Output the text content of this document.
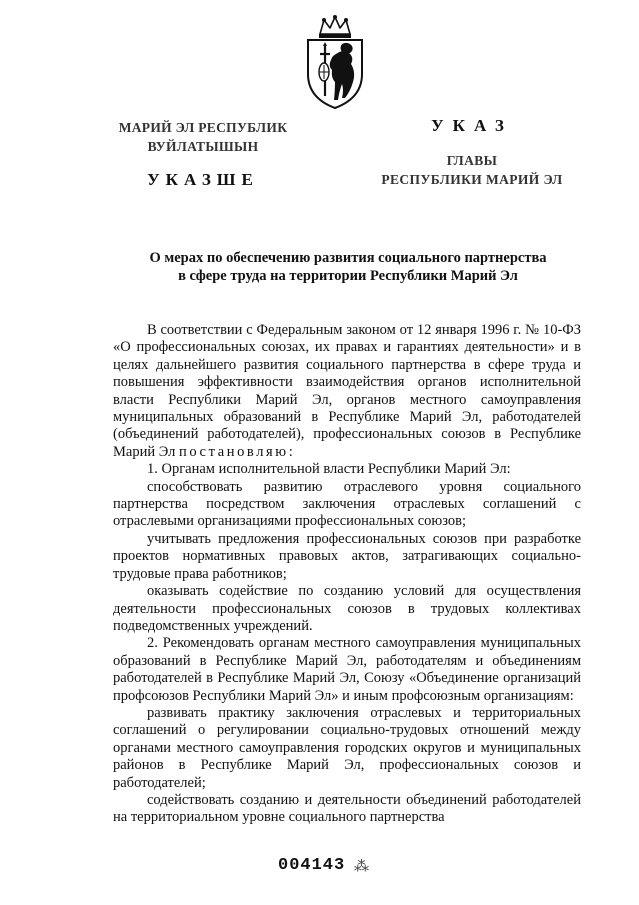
МАРИЙ ЭЛ РЕСПУБЛИК
ВУЙЛАТЫШЫН
УКАЗШЕ
УКАЗ
ГЛАВЫ
РЕСПУБЛИКИ МАРИЙ ЭЛ
О мерах по обеспечению развития социального партнерства
в сфере труда на территории Республики Марий Эл

В соответствии с Федеральным законом от 12 января 1996 г. № 10-ФЗ «О профессиональных союзах, их правах и гарантиях деятельности» и в целях дальнейшего развития социального партнерства в сфере труда и повышения эффективности взаимодействия органов исполнительной власти Республики Марий Эл, органов местного самоуправления муниципальных образований в Республике Марий Эл, работодателей (объединений работодателей), профессиональных союзов в Республике Марий Эл постановляю:

1. Органам исполнительной власти Республики Марий Эл:

способствовать развитию отраслевого уровня социального партнерства посредством заключения отраслевых соглашений с отраслевыми организациями профессиональных союзов;

учитывать предложения профессиональных союзов при разработке проектов нормативных правовых актов, затрагивающих социально-трудовые права работников;

оказывать содействие по созданию условий для осуществления деятельности профессиональных союзов в трудовых коллективах подведомственных учреждений.

2. Рекомендовать органам местного самоуправления муниципальных образований в Республике Марий Эл, работодателям и объединениям работодателей в Республике Марий Эл, Союзу «Объединение организаций профсоюзов Республики Марий Эл» и иным профсоюзным организациям:

развивать практику заключения отраслевых и территориальных соглашений о регулировании социально-трудовых отношений между органами местного самоуправления городских округов и муниципальных районов в Республике Марий Эл, профессиональных союзов и работодателей;

содействовать созданию и деятельности объединений работодателей на территориальном уровне социального партнерства

004143 ⁂
